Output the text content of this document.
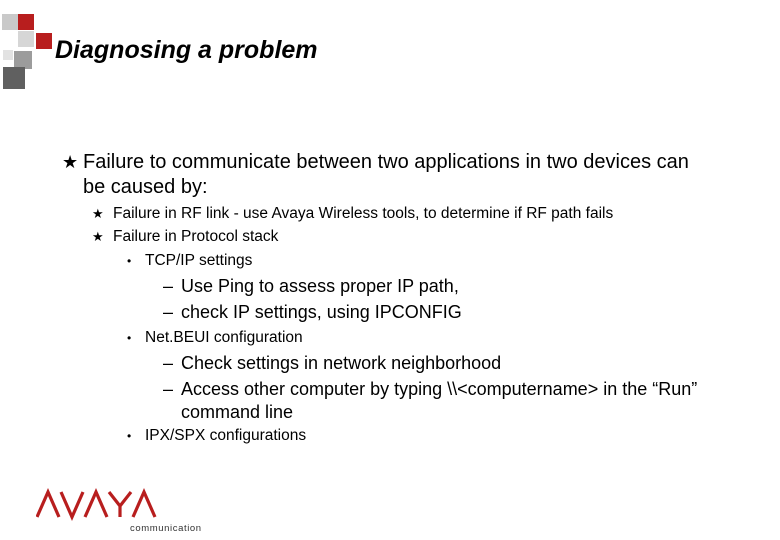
Diagnosing a problem
★ Failure to communicate between two applications in two devices can be caused by:
★ Failure in RF link - use Avaya Wireless tools, to determine if RF path fails
★ Failure in Protocol stack
• TCP/IP settings
– Use Ping to assess proper IP path,
– check IP settings, using IPCONFIG
• Net.BEUI configuration
– Check settings in network neighborhood
– Access other computer by typing \\<computername> in the “Run” command line
• IPX/SPX configurations
communication
